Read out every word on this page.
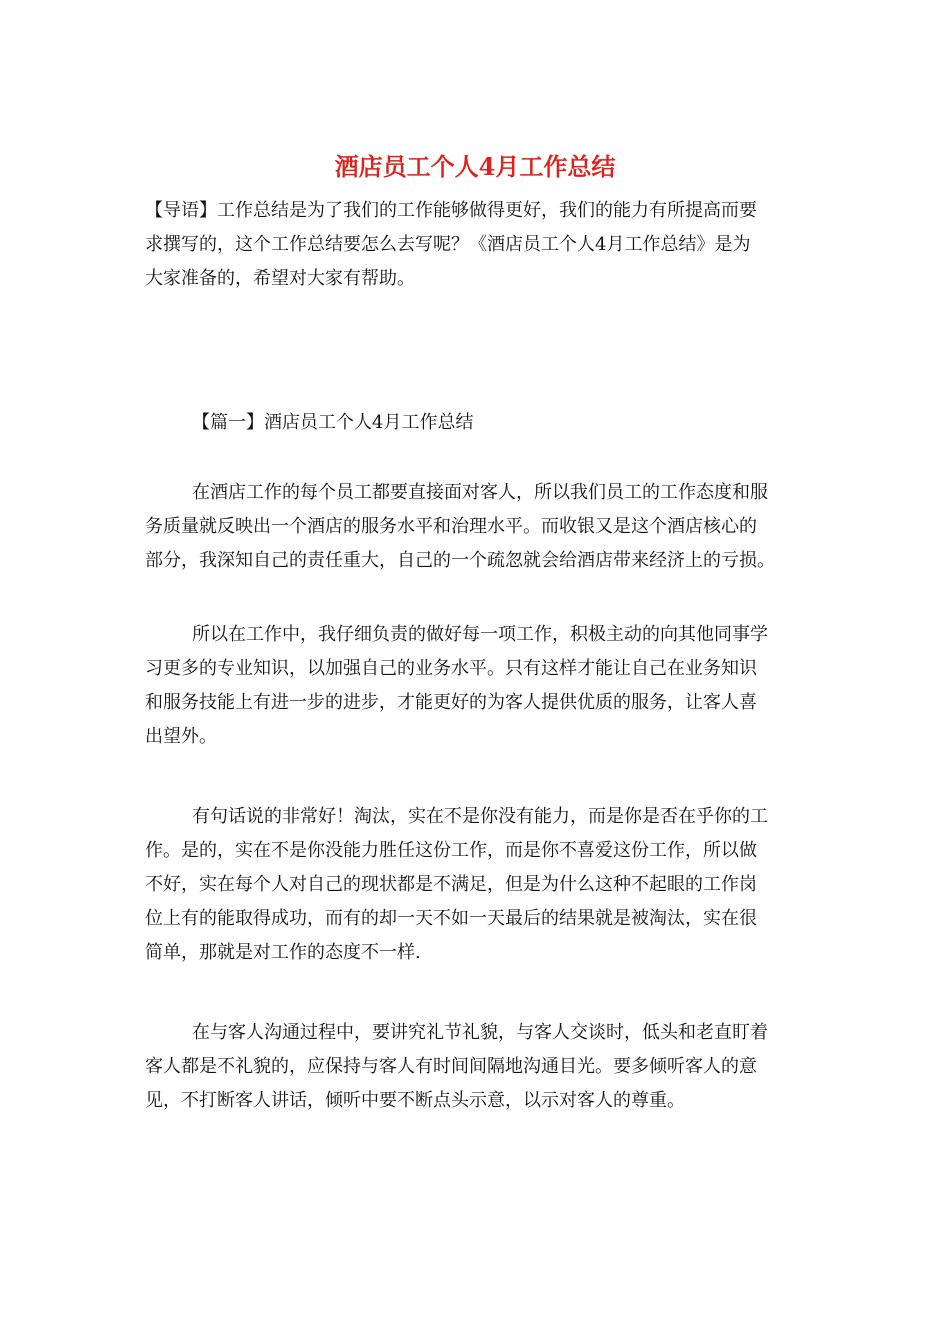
酒店员工个人4月工作总结
【导语】工作总结是为了我们的工作能够做得更好，我们的能力有所提高而要
求撰写的，这个工作总结要怎么去写呢？《酒店员工个人4月工作总结》是为
大家准备的，希望对大家有帮助。
【篇一】酒店员工个人4月工作总结
在酒店工作的每个员工都要直接面对客人，所以我们员工的工作态度和服
务质量就反映出一个酒店的服务水平和治理水平。而收银又是这个酒店核心的
部分，我深知自己的责任重大，自己的一个疏忽就会给酒店带来经济上的亏损。
所以在工作中，我仔细负责的做好每一项工作，积极主动的向其他同事学
习更多的专业知识，以加强自己的业务水平。只有这样才能让自己在业务知识
和服务技能上有进一步的进步，才能更好的为客人提供优质的服务，让客人喜
出望外。
有句话说的非常好！淘汰，实在不是你没有能力，而是你是否在乎你的工
作。是的，实在不是你没能力胜任这份工作，而是你不喜爱这份工作，所以做
不好，实在每个人对自己的现状都是不满足，但是为什么这种不起眼的工作岗
位上有的能取得成功，而有的却一天不如一天最后的结果就是被淘汰，实在很
简单，那就是对工作的态度不一样.
在与客人沟通过程中，要讲究礼节礼貌，与客人交谈时，低头和老直盯着
客人都是不礼貌的，应保持与客人有时间间隔地沟通目光。要多倾听客人的意
见，不打断客人讲话，倾听中要不断点头示意，以示对客人的尊重。
